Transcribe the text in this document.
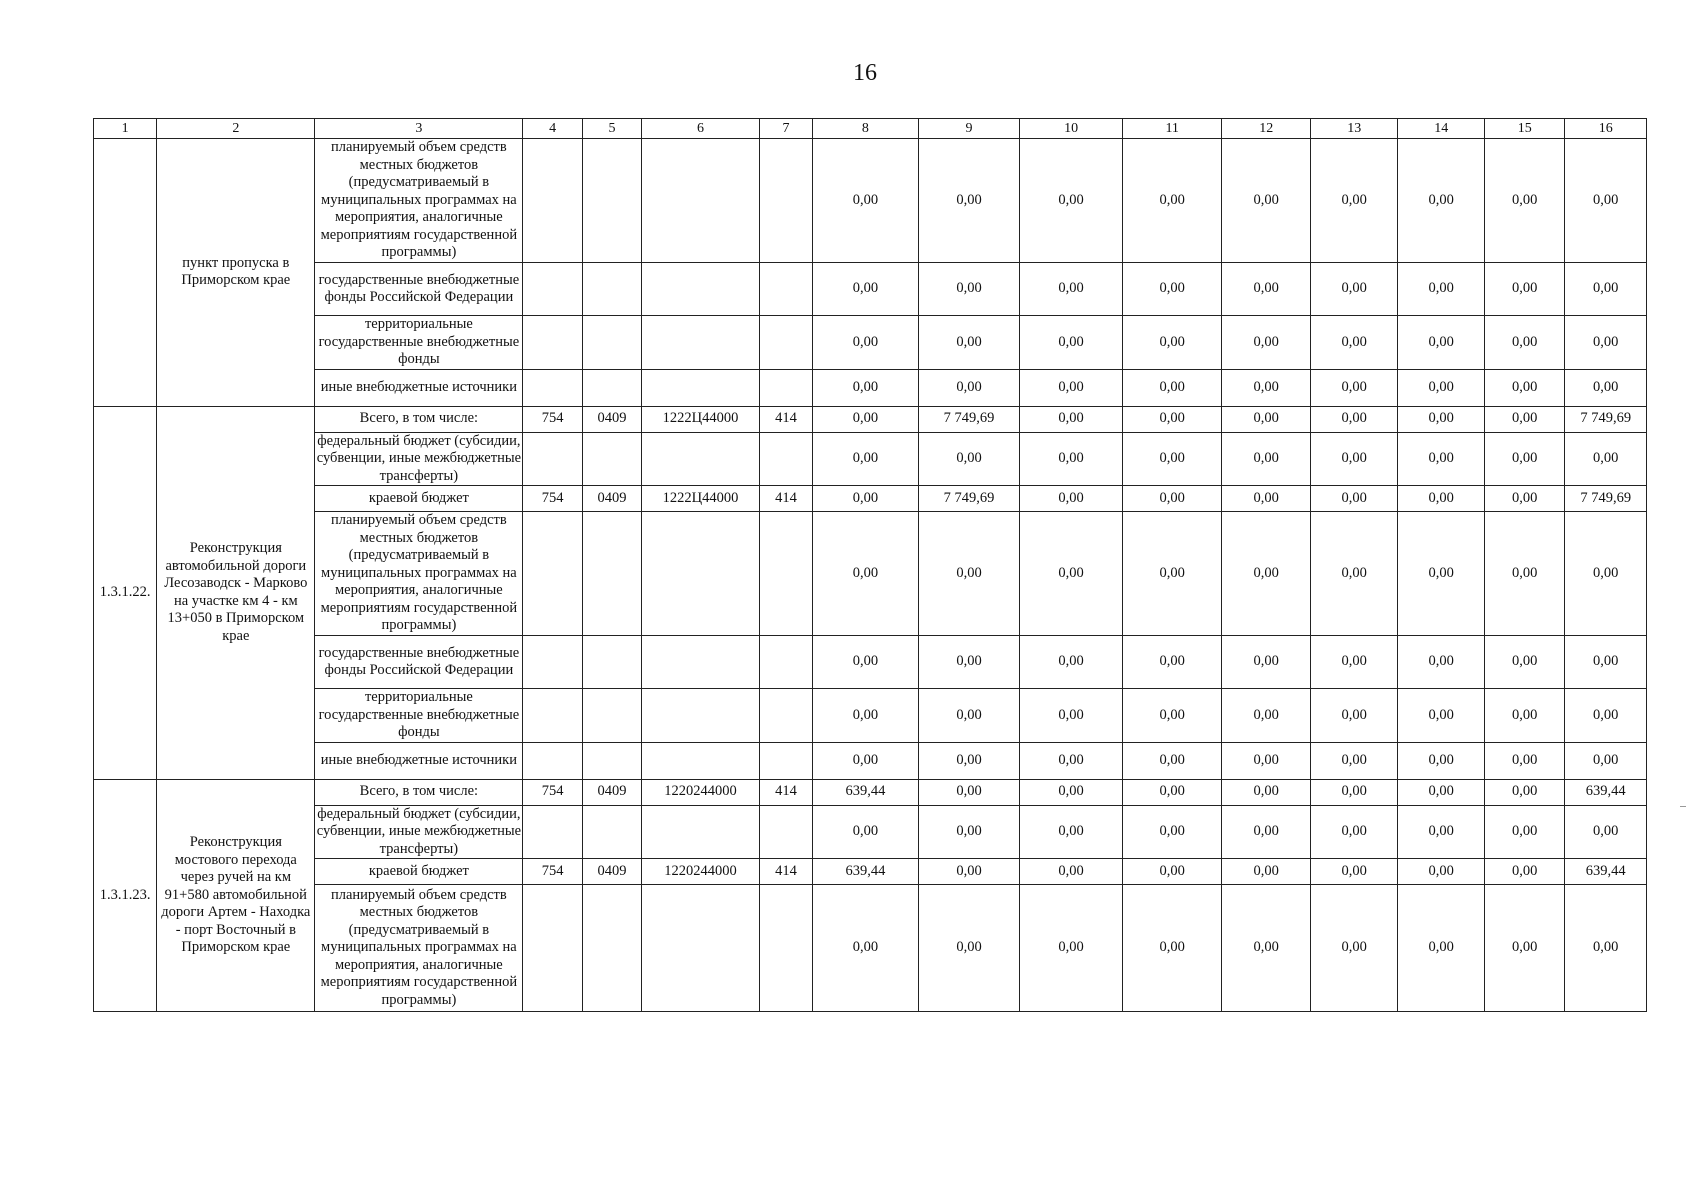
16
1	2	3	4	5	6	7	8	9	10	11	12	13	14	15	16
	пункт пропуска в Приморском крае	планируемый объем средств местных бюджетов (предусматриваемый в муниципальных программах на мероприятия, аналогичные мероприятиям государственной программы)					0,00	0,00	0,00	0,00	0,00	0,00	0,00	0,00	0,00
		государственные внебюджетные фонды Российской Федерации					0,00	0,00	0,00	0,00	0,00	0,00	0,00	0,00	0,00
		территориальные государственные внебюджетные фонды					0,00	0,00	0,00	0,00	0,00	0,00	0,00	0,00	0,00
		иные внебюджетные источники					0,00	0,00	0,00	0,00	0,00	0,00	0,00	0,00	0,00
1.3.1.22.	Реконструкция автомобильной дороги Лесозаводск - Марково на участке км 4 - км 13+050 в Приморском крае	Всего, в том числе:	754	0409	1222Ц44000	414	0,00	7 749,69	0,00	0,00	0,00	0,00	0,00	0,00	7 749,69
		федеральный бюджет (субсидии, субвенции, иные межбюджетные трансферты)					0,00	0,00	0,00	0,00	0,00	0,00	0,00	0,00	0,00
		краевой бюджет	754	0409	1222Ц44000	414	0,00	7 749,69	0,00	0,00	0,00	0,00	0,00	0,00	7 749,69
		планируемый объем средств местных бюджетов (предусматриваемый в муниципальных программах на мероприятия, аналогичные мероприятиям государственной программы)					0,00	0,00	0,00	0,00	0,00	0,00	0,00	0,00	0,00
		государственные внебюджетные фонды Российской Федерации					0,00	0,00	0,00	0,00	0,00	0,00	0,00	0,00	0,00
		территориальные государственные внебюджетные фонды					0,00	0,00	0,00	0,00	0,00	0,00	0,00	0,00	0,00
		иные внебюджетные источники					0,00	0,00	0,00	0,00	0,00	0,00	0,00	0,00	0,00
1.3.1.23.	Реконструкция мостового перехода через ручей на км 91+580 автомобильной дороги Артем - Находка - порт Восточный в Приморском крае	Всего, в том числе:	754	0409	1220244000	414	639,44	0,00	0,00	0,00	0,00	0,00	0,00	0,00	639,44
		федеральный бюджет (субсидии, субвенции, иные межбюджетные трансферты)					0,00	0,00	0,00	0,00	0,00	0,00	0,00	0,00	0,00
		краевой бюджет	754	0409	1220244000	414	639,44	0,00	0,00	0,00	0,00	0,00	0,00	0,00	639,44
		планируемый объем средств местных бюджетов (предусматриваемый в муниципальных программах на мероприятия, аналогичные мероприятиям государственной программы)					0,00	0,00	0,00	0,00	0,00	0,00	0,00	0,00	0,00
